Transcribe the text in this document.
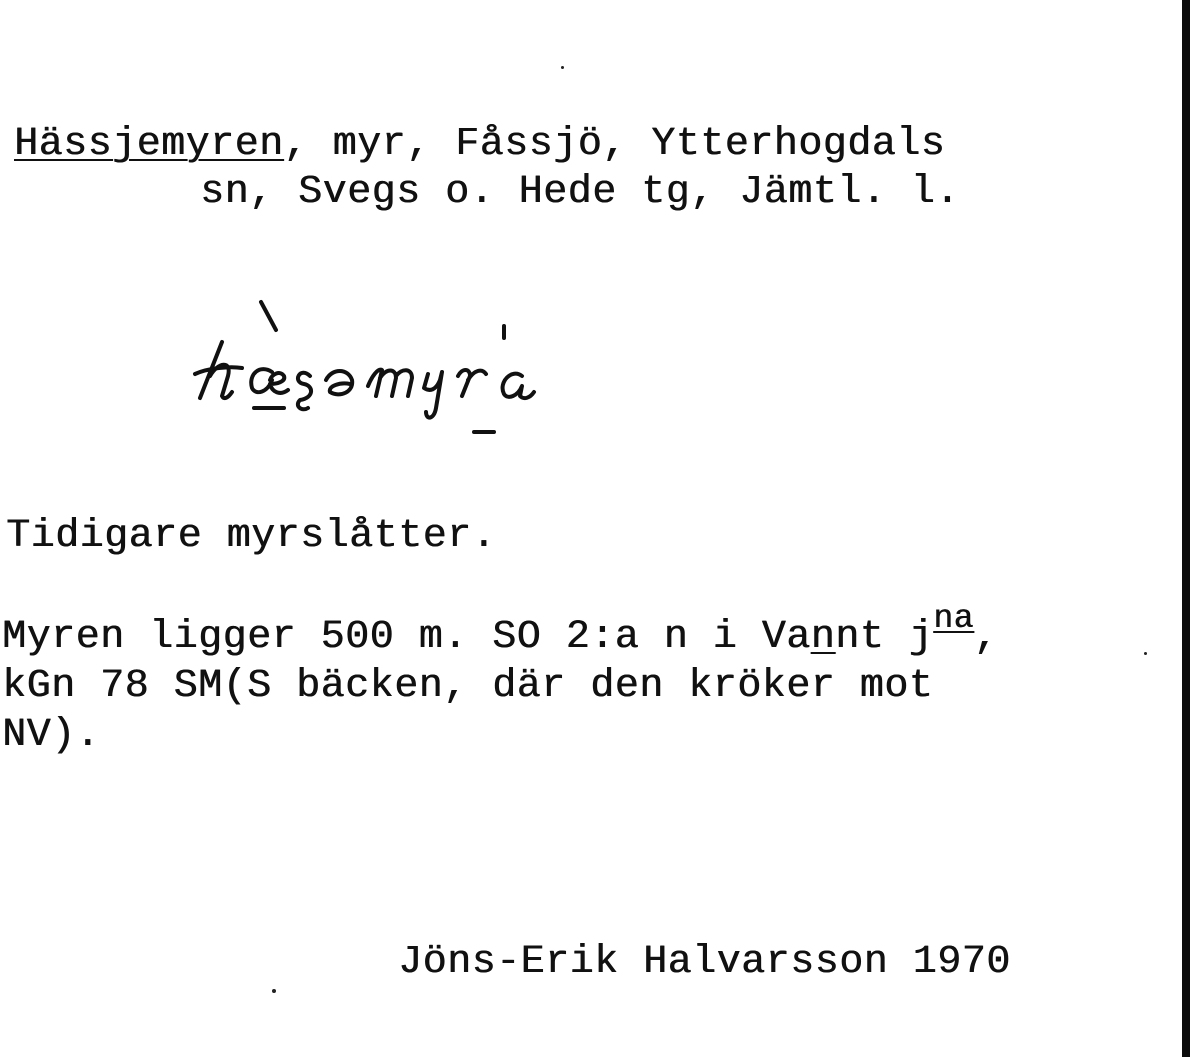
Hässjemyren, myr, Fåssjö, Ytterhogdals
sn, Svegs o. Hede tg, Jämtl. l.
Tidigare myrslåtter.
Myren ligger 500 m. SO 2:a n i Vannt $j^{na}$,
kGn 78 SM(S bäcken, där den kröker mot
NV).
Jöns-Erik Halvarsson 1970
